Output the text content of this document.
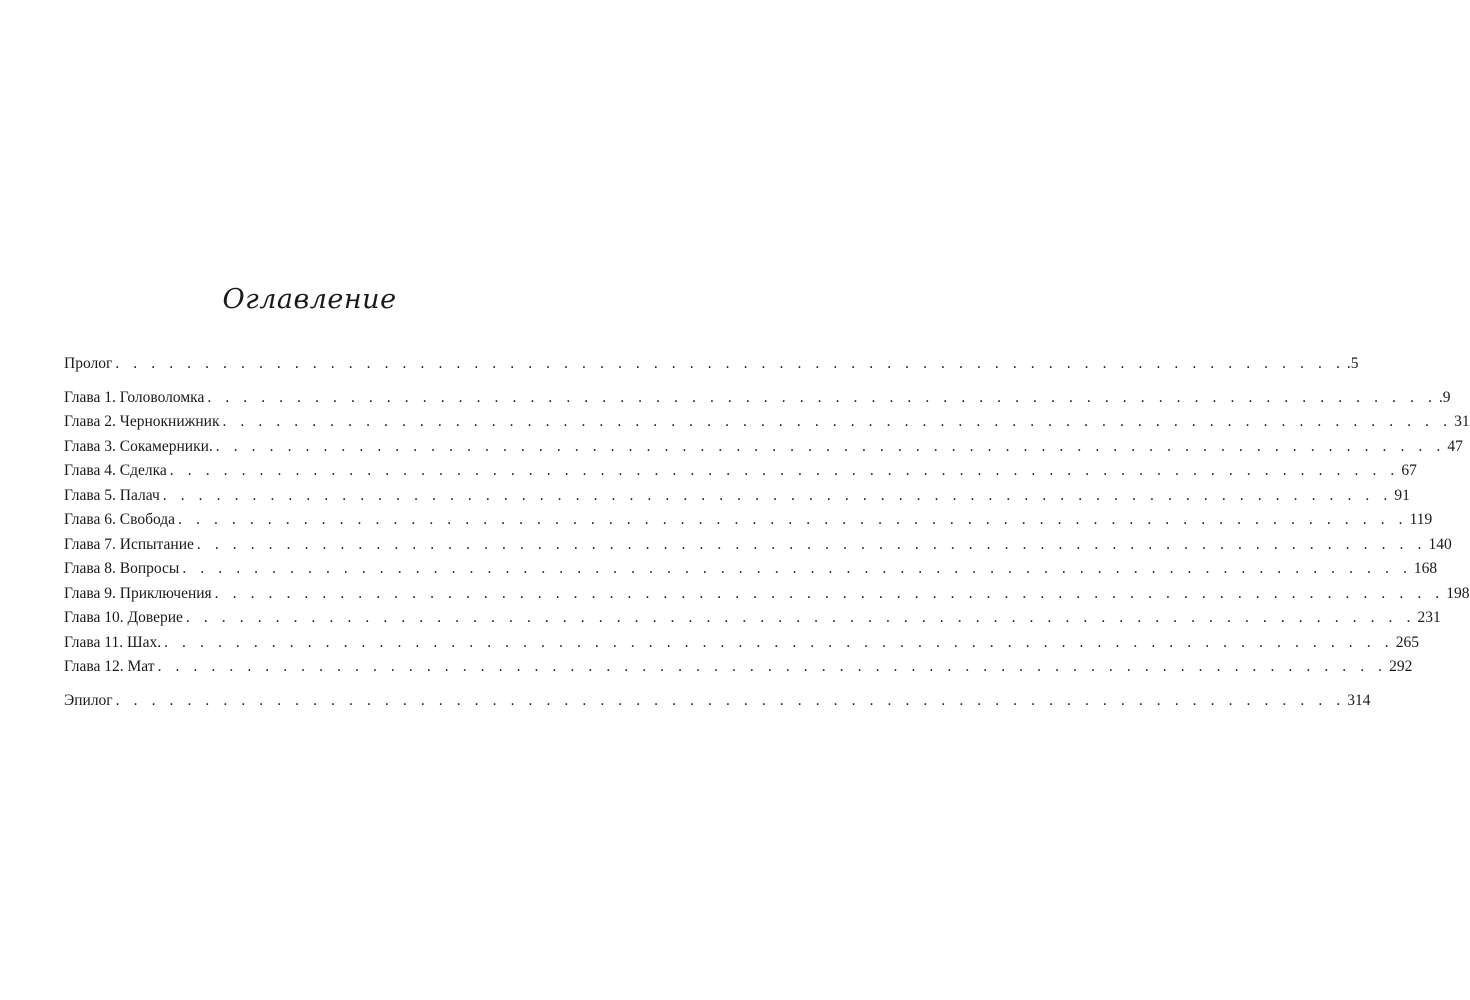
Оглавление
Пролог . . . . . . . . . . . . . . . . . . . . . . . . . . . . . . . . . . . . . . . . . . . . . . . . . . . . . . . . . . . . . . . . . . . . . .5
Глава 1. Головоломка . . . . . . . . . . . . . . . . . . . . . . . . . . . . . . . . . . . . . . . . . . . . . . . . . . . . . . . . . . . . . . . . . . . . . .9
Глава 2. Чернокнижник . . . . . . . . . . . . . . . . . . . . . . . . . . . . . . . . . . . . . . . . . . . . . . . . . . . . . . . . . . . . . . . . . . . . . 31
Глава 3. Сокамерники. . . . . . . . . . . . . . . . . . . . . . . . . . . . . . . . . . . . . . . . . . . . . . . . . . . . . . . . . . . . . . . . . . . . . . 47
Глава 4. Сделка . . . . . . . . . . . . . . . . . . . . . . . . . . . . . . . . . . . . . . . . . . . . . . . . . . . . . . . . . . . . . . . . . . . . . 67
Глава 5. Палач . . . . . . . . . . . . . . . . . . . . . . . . . . . . . . . . . . . . . . . . . . . . . . . . . . . . . . . . . . . . . . . . . . . . . 91
Глава 6. Свобода . . . . . . . . . . . . . . . . . . . . . . . . . . . . . . . . . . . . . . . . . . . . . . . . . . . . . . . . . . . . . . . . . . . . . 119
Глава 7. Испытание . . . . . . . . . . . . . . . . . . . . . . . . . . . . . . . . . . . . . . . . . . . . . . . . . . . . . . . . . . . . . . . . . . . . . 140
Глава 8. Вопросы . . . . . . . . . . . . . . . . . . . . . . . . . . . . . . . . . . . . . . . . . . . . . . . . . . . . . . . . . . . . . . . . . . . . . 168
Глава 9. Приключения . . . . . . . . . . . . . . . . . . . . . . . . . . . . . . . . . . . . . . . . . . . . . . . . . . . . . . . . . . . . . . . . . . . . . 198
Глава 10. Доверие . . . . . . . . . . . . . . . . . . . . . . . . . . . . . . . . . . . . . . . . . . . . . . . . . . . . . . . . . . . . . . . . . . . . . 231
Глава 11. Шах. . . . . . . . . . . . . . . . . . . . . . . . . . . . . . . . . . . . . . . . . . . . . . . . . . . . . . . . . . . . . . . . . . . . . . 265
Глава 12. Мат . . . . . . . . . . . . . . . . . . . . . . . . . . . . . . . . . . . . . . . . . . . . . . . . . . . . . . . . . . . . . . . . . . . . . 292
Эпилог . . . . . . . . . . . . . . . . . . . . . . . . . . . . . . . . . . . . . . . . . . . . . . . . . . . . . . . . . . . . . . . . . . . . . 314
